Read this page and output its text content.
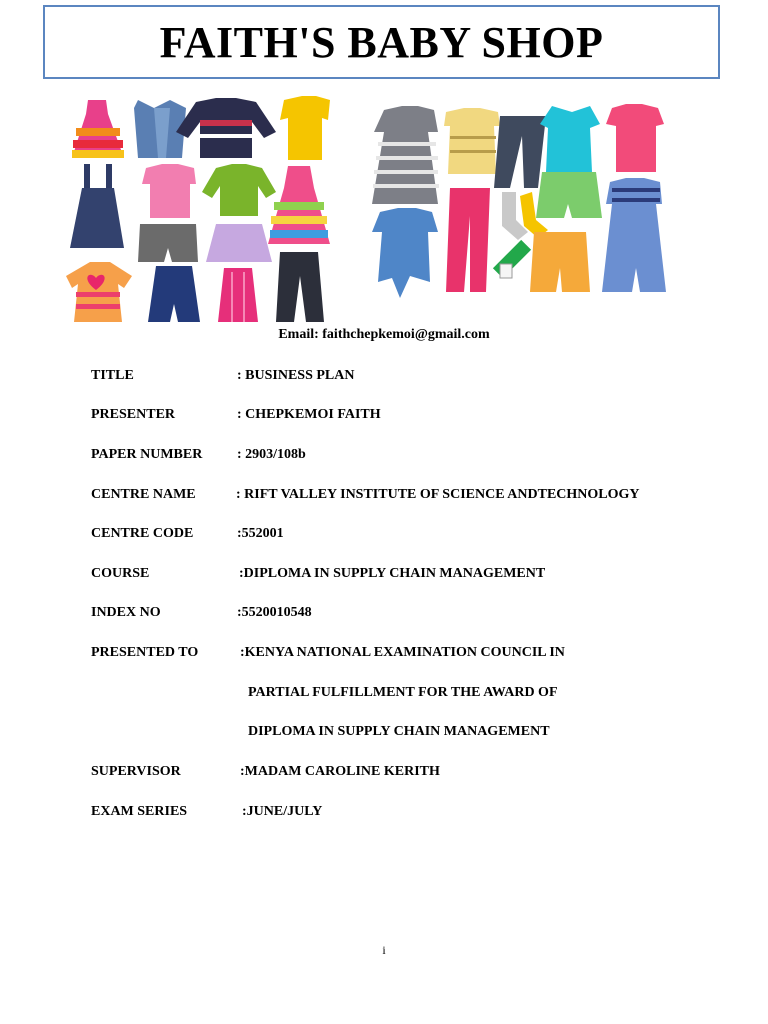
FAITH'S BABY SHOP
Email: faithchepkemoi@gmail.com
TITLE	: BUSINESS PLAN
PRESENTER	: CHEPKEMOI FAITH
PAPER NUMBER : 2903/108b
CENTRE NAME	: RIFT VALLEY INSTITUTE OF SCIENCE ANDTECHNOLOGY
CENTRE CODE	:552001
COURSE	:DIPLOMA IN SUPPLY CHAIN MANAGEMENT
INDEX NO	:5520010548
PRESENTED TO	:KENYA NATIONAL EXAMINATION COUNCIL IN
PARTIAL FULFILLMENT FOR THE AWARD OF
DIPLOMA IN SUPPLY CHAIN MANAGEMENT
SUPERVISOR	:MADAM CAROLINE KERITH
EXAM SERIES	:JUNE/JULY
i
